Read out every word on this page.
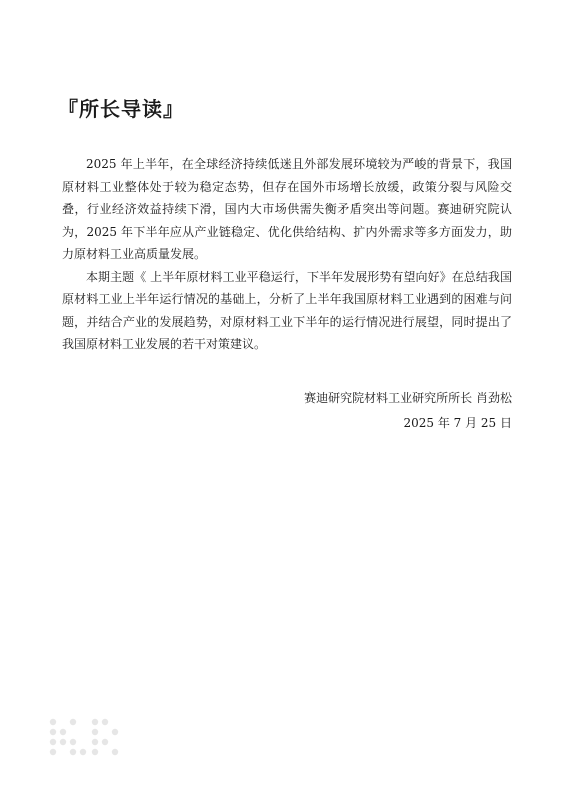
『所长导读』

2025 年上半年，在全球经济持续低迷且外部发展环境较为严峻的背景下，我国原材料工业整体处于较为稳定态势，但存在国外市场增长放缓，政策分裂与风险交叠，行业经济效益持续下滑，国内大市场供需失衡矛盾突出等问题。赛迪研究院认为，2025 年下半年应从产业链稳定、优化供给结构、扩内外需求等多方面发力，助力原材料工业高质量发展。

本期主题《 上半年原材料工业平稳运行，下半年发展形势有望向好》在总结我国原材料工业上半年运行情况的基础上，分析了上半年我国原材料工业遇到的困难与问题，并结合产业的发展趋势，对原材料工业下半年的运行情况进行展望，同时提出了我国原材料工业发展的若干对策建议。

赛迪研究院材料工业研究所所长 肖劲松
2025 年 7 月 25 日
